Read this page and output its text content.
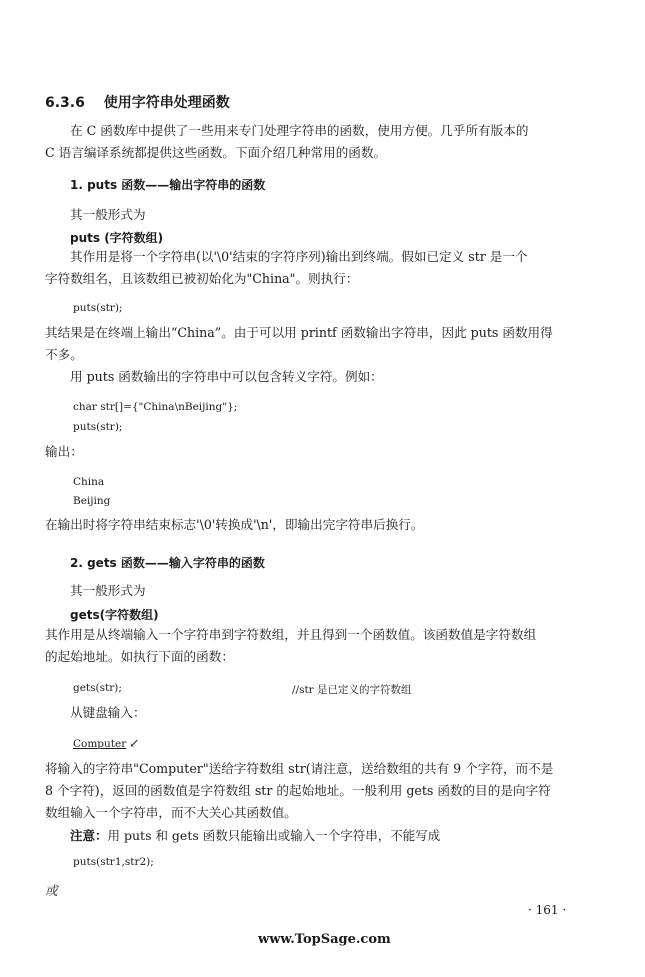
6.3.6 使用字符串处理函数
在 C 函数库中提供了一些用来专门处理字符串的函数，使用方便。几乎所有版本的
C 语言编译系统都提供这些函数。下面介绍几种常用的函数。
1. puts 函数——输出字符串的函数
其一般形式为
puts (字符数组)
其作用是将一个字符串(以'\0'结束的字符序列)输出到终端。假如已定义 str 是一个
字符数组名，且该数组已被初始化为"China"。则执行：
puts(str);
其结果是在终端上输出“China”。由于可以用 printf 函数输出字符串，因此 puts 函数用得
不多。
用 puts 函数输出的字符串中可以包含转义字符。例如：
char str[]={"China\nBeijing"};
puts(str);
输出：
China
Beijing
在输出时将字符串结束标志'\0'转换成'\n'，即输出完字符串后换行。
2. gets 函数——输入字符串的函数
其一般形式为
gets(字符数组)
其作用是从终端输入一个字符串到字符数组，并且得到一个函数值。该函数值是字符数组
的起始地址。如执行下面的函数：
gets(str);	//str 是已定义的字符数组
从键盘输入：
Computer ↙
将输入的字符串"Computer"送给字符数组 str(请注意，送给数组的共有 9 个字符，而不是
8 个字符)，返回的函数值是字符数组 str 的起始地址。一般利用 gets 函数的目的是向字符
数组输入一个字符串，而不大关心其函数值。
注意：用 puts 和 gets 函数只能输出或输入一个字符串，不能写成
puts(str1,str2);
或
· 161 ·
www.TopSage.com
